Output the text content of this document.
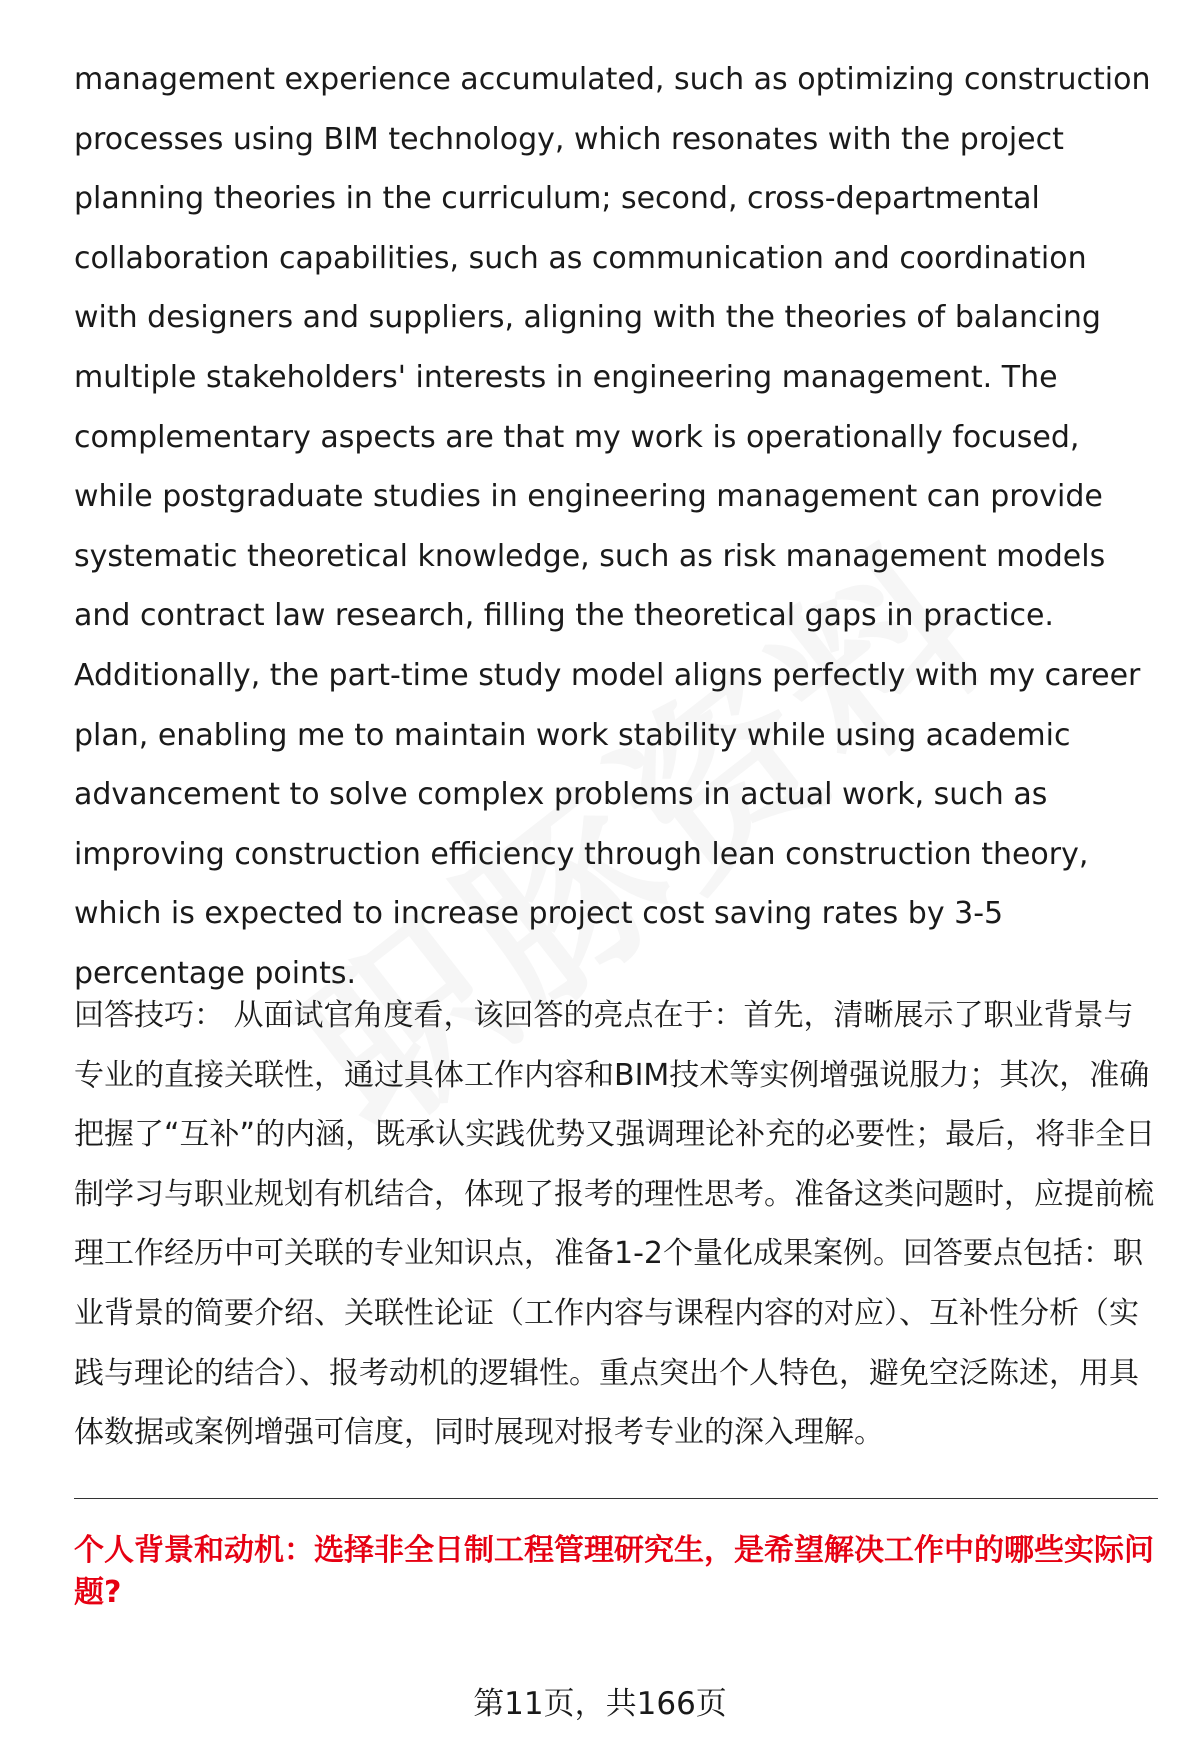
management experience accumulated, such as optimizing construction processes using BIM technology, which resonates with the project planning theories in the curriculum; second, cross-departmental collaboration capabilities, such as communication and coordination with designers and suppliers, aligning with the theories of balancing multiple stakeholders' interests in engineering management. The complementary aspects are that my work is operationally focused, while postgraduate studies in engineering management can provide systematic theoretical knowledge, such as risk management models and contract law research, filling the theoretical gaps in practice. Additionally, the part-time study model aligns perfectly with my career plan, enabling me to maintain work stability while using academic advancement to solve complex problems in actual work, such as improving construction efficiency through lean construction theory, which is expected to increase project cost saving rates by 3-5 percentage points.

回答技巧： 从面试官角度看，该回答的亮点在于：首先，清晰展示了职业背景与专业的直接关联性，通过具体工作内容和BIM技术等实例增强说服力；其次，准确把握了“互补”的内涵，既承认实践优势又强调理论补充的必要性；最后，将非全日制学习与职业规划有机结合，体现了报考的理性思考。准备这类问题时，应提前梳理工作经历中可关联的专业知识点，准备1-2个量化成果案例。回答要点包括：职业背景的简要介绍、关联性论证（工作内容与课程内容的对应）、互补性分析（实践与理论的结合）、报考动机的逻辑性。重点突出个人特色，避免空泛陈述，用具体数据或案例增强可信度，同时展现对报考专业的深入理解。

个人背景和动机：选择非全日制工程管理研究生，是希望解决工作中的哪些实际问题?
第11页，共166页
